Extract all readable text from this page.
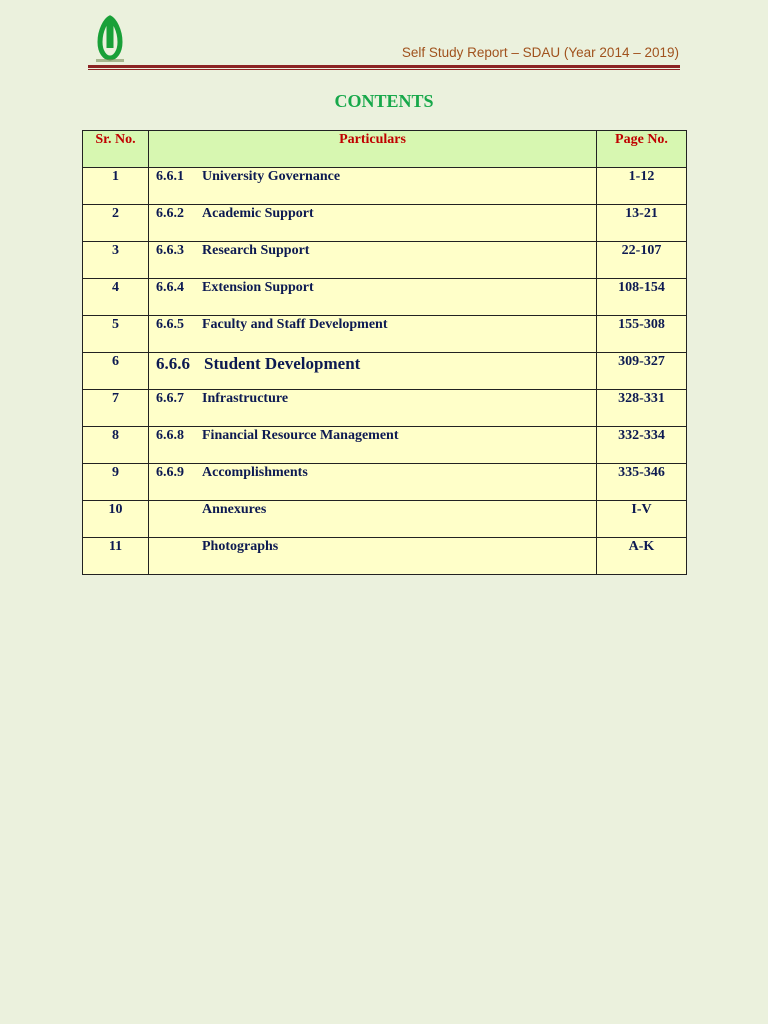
Self Study Report – SDAU (Year 2014 – 2019)
CONTENTS
Sr. No.	Particulars	Page No.
1	6.6.1 University Governance	1-12
2	6.6.2 Academic Support	13-21
3	6.6.3 Research Support	22-107
4	6.6.4 Extension Support	108-154
5	6.6.5 Faculty and Staff Development	155-308
6	6.6.6 Student Development	309-327
7	6.6.7 Infrastructure	328-331
8	6.6.8 Financial Resource Management	332-334
9	6.6.9 Accomplishments	335-346
10	Annexures	I-V
11	Photographs	A-K
